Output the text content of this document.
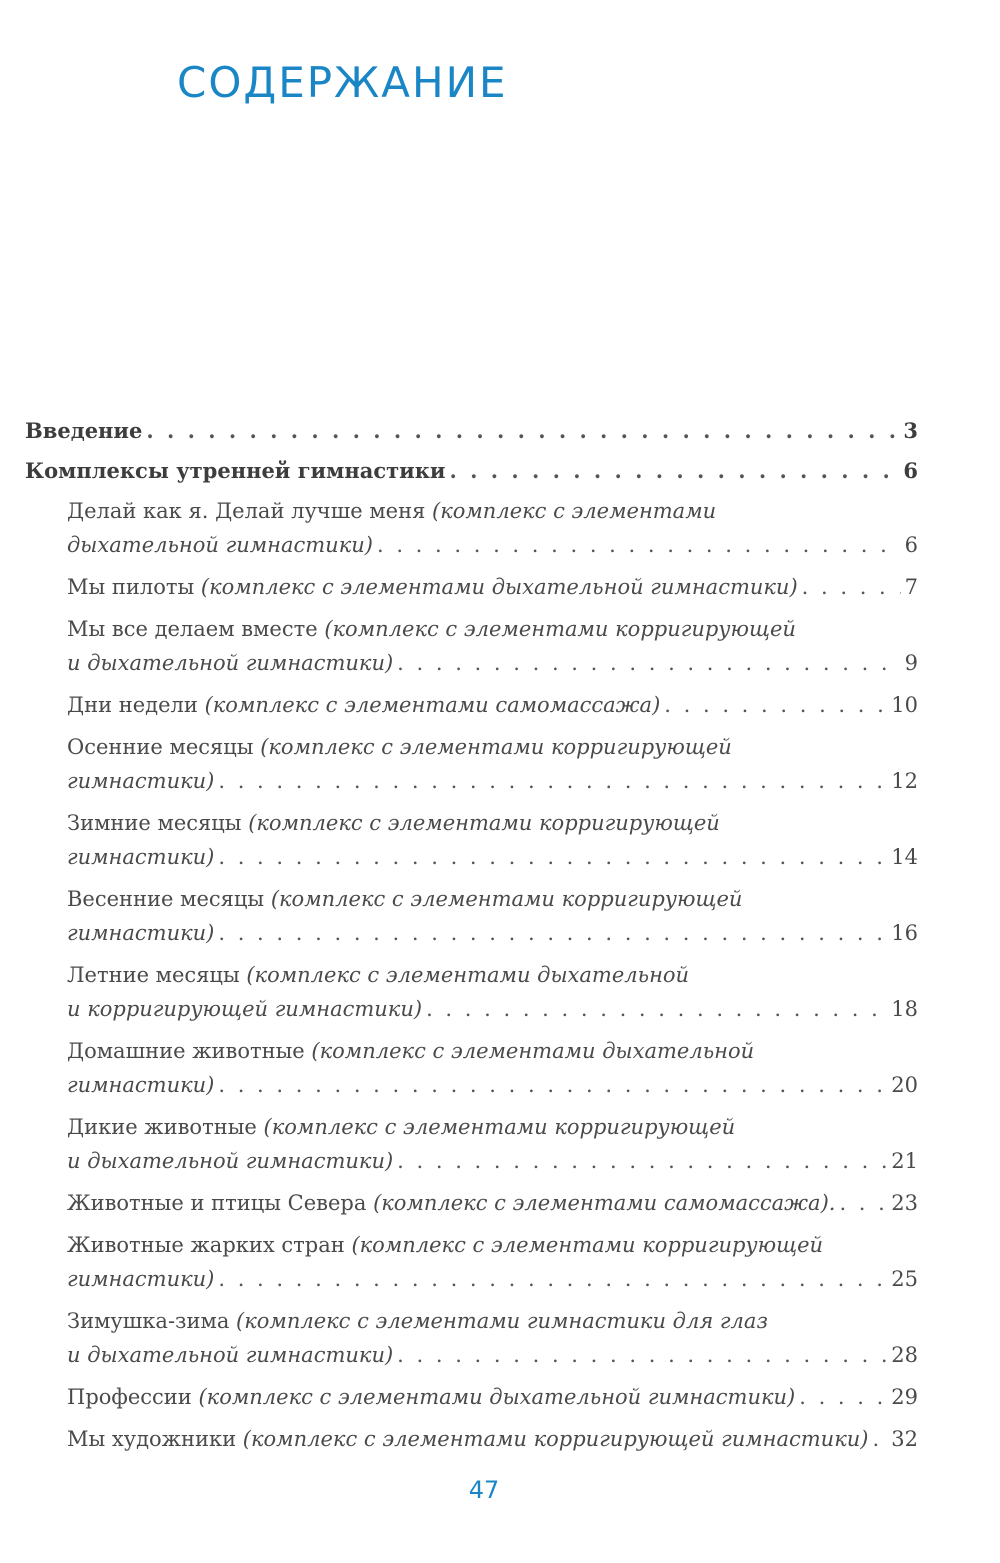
СОДЕРЖАНИЕ
Введение . . .	3
Комплексы утренней гимнастики . . .	6
Делай как я. Делай лучше меня (комплекс с элементами
дыхательной гимнастики) . . .	6
Мы пилоты (комплекс с элементами дыхательной гимнастики) . . .	7
Мы все делаем вместе (комплекс с элементами корригирующей
и дыхательной гимнастики) . . .	9
Дни недели (комплекс с элементами самомассажа) . . .	10
Осенние месяцы (комплекс с элементами корригирующей
гимнастики) . . .	12
Зимние месяцы (комплекс с элементами корригирующей
гимнастики) . . .	14
Весенние месяцы (комплекс с элементами корригирующей
гимнастики) . . .	16
Летние месяцы (комплекс с элементами дыхательной
и корригирующей гимнастики) . . .	18
Домашние животные (комплекс с элементами дыхательной
гимнастики) . . .	20
Дикие животные (комплекс с элементами корригирующей
и дыхательной гимнастики) . . .	21
Животные и птицы Севера (комплекс с элементами самомассажа). . . .	23
Животные жарких стран (комплекс с элементами корригирующей
гимнастики) . . .	25
Зимушка-зима (комплекс с элементами гимнастики для глаз
и дыхательной гимнастики) . . .	28
Профессии (комплекс с элементами дыхательной гимнастики) . . .	29
Мы художники (комплекс с элементами корригирующей гимнастики) . . . 32
47
